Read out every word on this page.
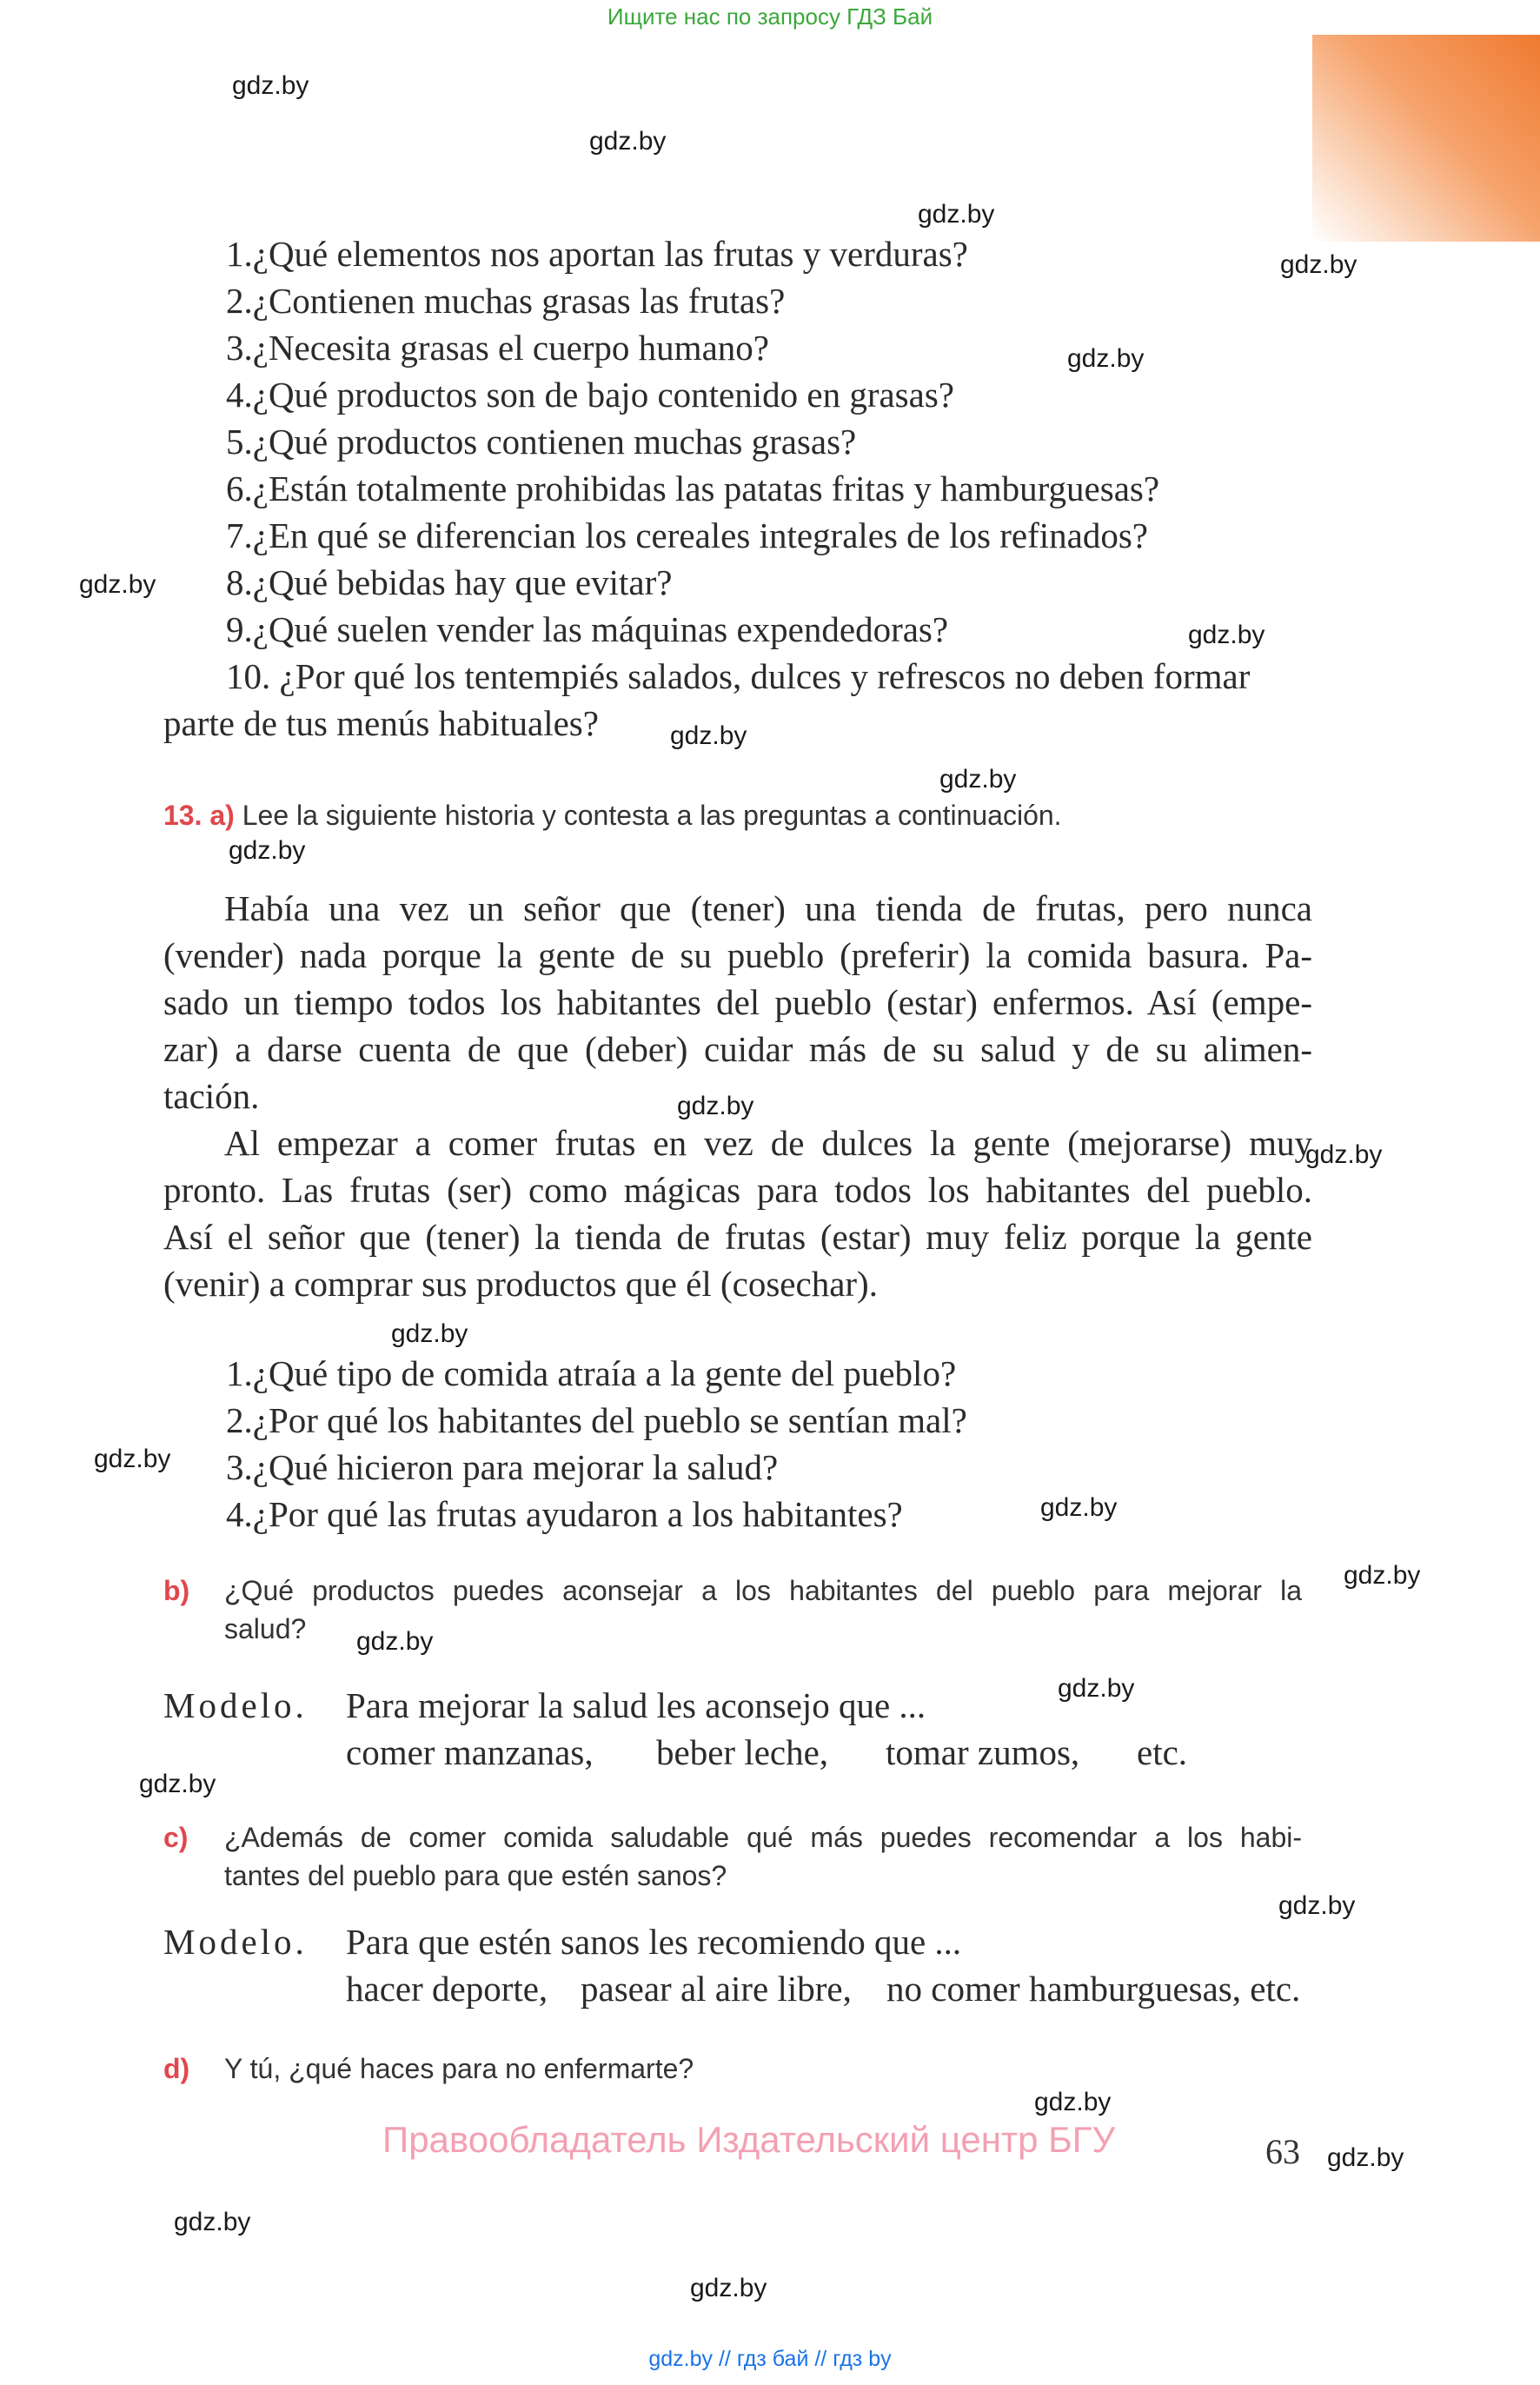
Ищите нас по запросу ГДЗ Бай
gdz.by
gdz.by
gdz.by
gdz.by
gdz.by
gdz.by
gdz.by
gdz.by
gdz.by
gdz.by
gdz.by
gdz.by
gdz.by
gdz.by
gdz.by
gdz.by
gdz.by
gdz.by
gdz.by
gdz.by
gdz.by
gdz.by
gdz.by
gdz.by
1.¿Qué elementos nos aportan las frutas y verduras?
2.¿Contienen muchas grasas las frutas?
3.¿Necesita grasas el cuerpo humano?
4.¿Qué productos son de bajo contenido en grasas?
5.¿Qué productos contienen muchas grasas?
6.¿Están totalmente prohibidas las patatas fritas y hamburguesas?
7.¿En qué se diferencian los cereales integrales de los refinados?
8.¿Qué bebidas hay que evitar?
9.¿Qué suelen vender las máquinas expendedoras?
10. ¿Por qué los tentempiés salados, dulces y refrescos no deben formar
parte de tus menús habituales?
13. a) Lee la siguiente historia y contesta a las preguntas a continuación.
Había una vez un señor que (tener) una tienda de frutas, pero nunca
(vender) nada porque la gente de su pueblo (preferir) la comida basura. Pa-
sado un tiempo todos los habitantes del pueblo (estar) enfermos. Así (empe-
zar) a darse cuenta de que (deber) cuidar más de su salud y de su alimen-
tación.
Al empezar a comer frutas en vez de dulces la gente (mejorarse) muy
pronto. Las frutas (ser) como mágicas para todos los habitantes del pueblo.
Así el señor que (tener) la tienda de frutas (estar) muy feliz porque la gente
(venir) a comprar sus productos que él (cosechar).
1.¿Qué tipo de comida atraía a la gente del pueblo?
2.¿Por qué los habitantes del pueblo se sentían mal?
3.¿Qué hicieron para mejorar la salud?
4.¿Por qué las frutas ayudaron a los habitantes?
b) ¿Qué productos puedes aconsejar a los habitantes del pueblo para mejorar la
salud?
Modelo. Para mejorar la salud les aconsejo que ...
comer manzanas, beber leche, tomar zumos, etc.
c) ¿Además de comer comida saludable qué más puedes recomendar a los habi-
tantes del pueblo para que estén sanos?
Modelo. Para que estén sanos les recomiendo que ...
hacer deporte, pasear al aire libre, no comer hamburguesas, etc.
d) Y tú, ¿qué haces para no enfermarte?
Правообладатель Издательский центр БГУ	63
gdz.by // гдз бай // гдз by
